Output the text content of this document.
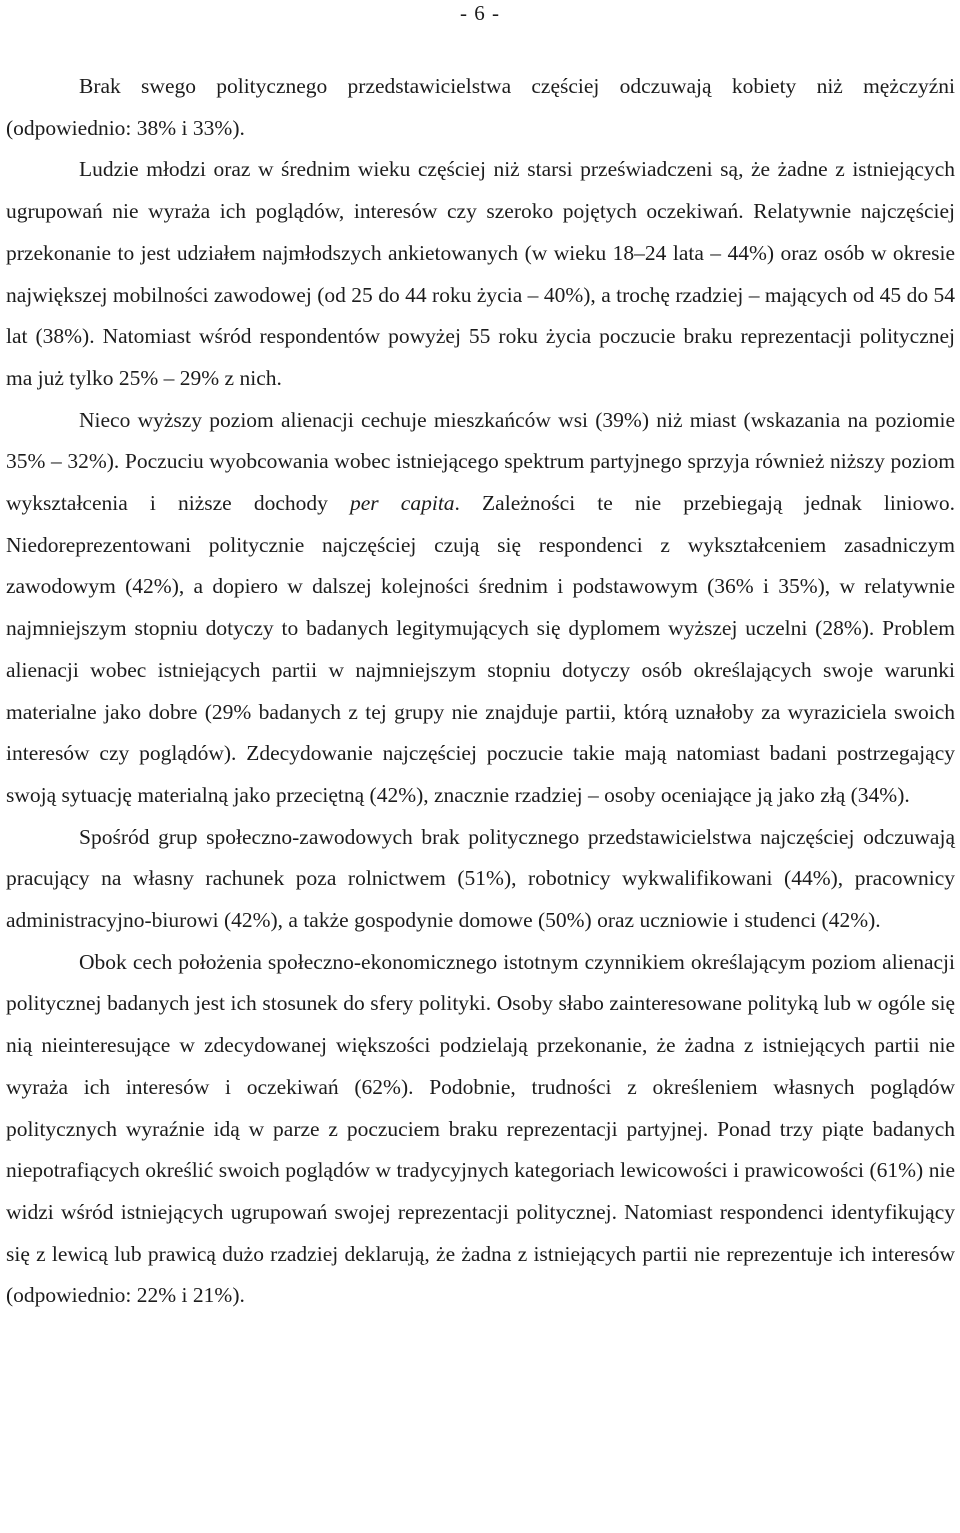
- 6 -

Brak swego politycznego przedstawicielstwa częściej odczuwają kobiety niż mężczyźni (odpowiednio: 38% i 33%).

Ludzie młodzi oraz w średnim wieku częściej niż starsi przeświadczeni są, że żadne z istniejących ugrupowań nie wyraża ich poglądów, interesów czy szeroko pojętych oczekiwań. Relatywnie najczęściej przekonanie to jest udziałem najmłodszych ankietowanych (w wieku 18–24 lata – 44%) oraz osób w okresie największej mobilności zawodowej (od 25 do 44 roku życia – 40%), a trochę rzadziej – mających od 45 do 54 lat (38%). Natomiast wśród respondentów powyżej 55 roku życia poczucie braku reprezentacji politycznej ma już tylko 25% – 29% z nich.

Nieco wyższy poziom alienacji cechuje mieszkańców wsi (39%) niż miast (wskazania na poziomie 35% – 32%). Poczuciu wyobcowania wobec istniejącego spektrum partyjnego sprzyja również niższy poziom wykształcenia i niższe dochody per capita. Zależności te nie przebiegają jednak liniowo. Niedoreprezentowani politycznie najczęściej czują się respondenci z wykształceniem zasadniczym zawodowym (42%), a dopiero w dalszej kolejności średnim i podstawowym (36% i 35%), w relatywnie najmniejszym stopniu dotyczy to badanych legitymujących się dyplomem wyższej uczelni (28%). Problem alienacji wobec istniejących partii w najmniejszym stopniu dotyczy osób określających swoje warunki materialne jako dobre (29% badanych z tej grupy nie znajduje partii, którą uznałoby za wyraziciela swoich interesów czy poglądów). Zdecydowanie najczęściej poczucie takie mają natomiast badani postrzegający swoją sytuację materialną jako przeciętną (42%), znacznie rzadziej – osoby oceniające ją jako złą (34%).

Spośród grup społeczno-zawodowych brak politycznego przedstawicielstwa najczęściej odczuwają pracujący na własny rachunek poza rolnictwem (51%), robotnicy wykwalifikowani (44%), pracownicy administracyjno-biurowi (42%), a także gospodynie domowe (50%) oraz uczniowie i studenci (42%).

Obok cech położenia społeczno-ekonomicznego istotnym czynnikiem określającym poziom alienacji politycznej badanych jest ich stosunek do sfery polityki. Osoby słabo zainteresowane polityką lub w ogóle się nią nieinteresujące w zdecydowanej większości podzielają przekonanie, że żadna z istniejących partii nie wyraża ich interesów i oczekiwań (62%). Podobnie, trudności z określeniem własnych poglądów politycznych wyraźnie idą w parze z poczuciem braku reprezentacji partyjnej. Ponad trzy piąte badanych niepotrafiących określić swoich poglądów w tradycyjnych kategoriach lewicowości i prawicowości (61%) nie widzi wśród istniejących ugrupowań swojej reprezentacji politycznej. Natomiast respondenci identyfikujący się z lewicą lub prawicą dużo rzadziej deklarują, że żadna z istniejących partii nie reprezentuje ich interesów (odpowiednio: 22% i 21%).
